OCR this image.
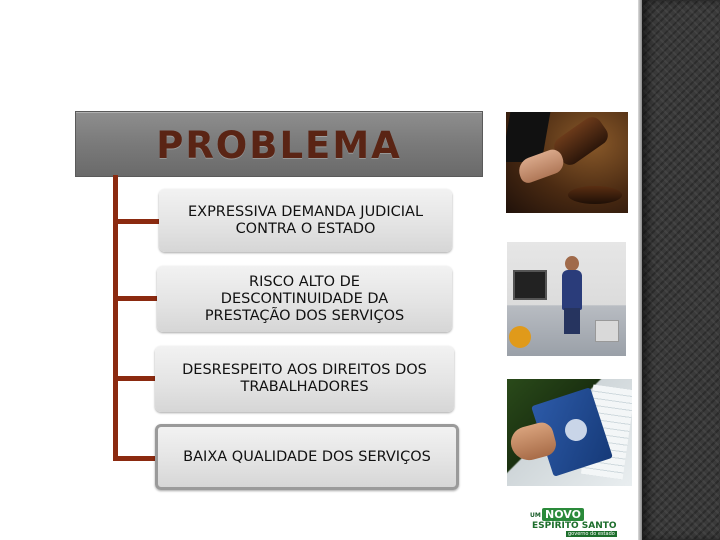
PROBLEMA
EXPRESSIVA DEMANDA JUDICIAL
CONTRA O ESTADO
RISCO ALTO DE
DESCONTINUIDADE DA
PRESTAÇÃO DOS SERVIÇOS
DESRESPEITO AOS DIREITOS DOS
TRABALHADORES
BAIXA QUALIDADE DOS SERVIÇOS
UM NOVO
ESPÍRITO SANTO
governo do estado
